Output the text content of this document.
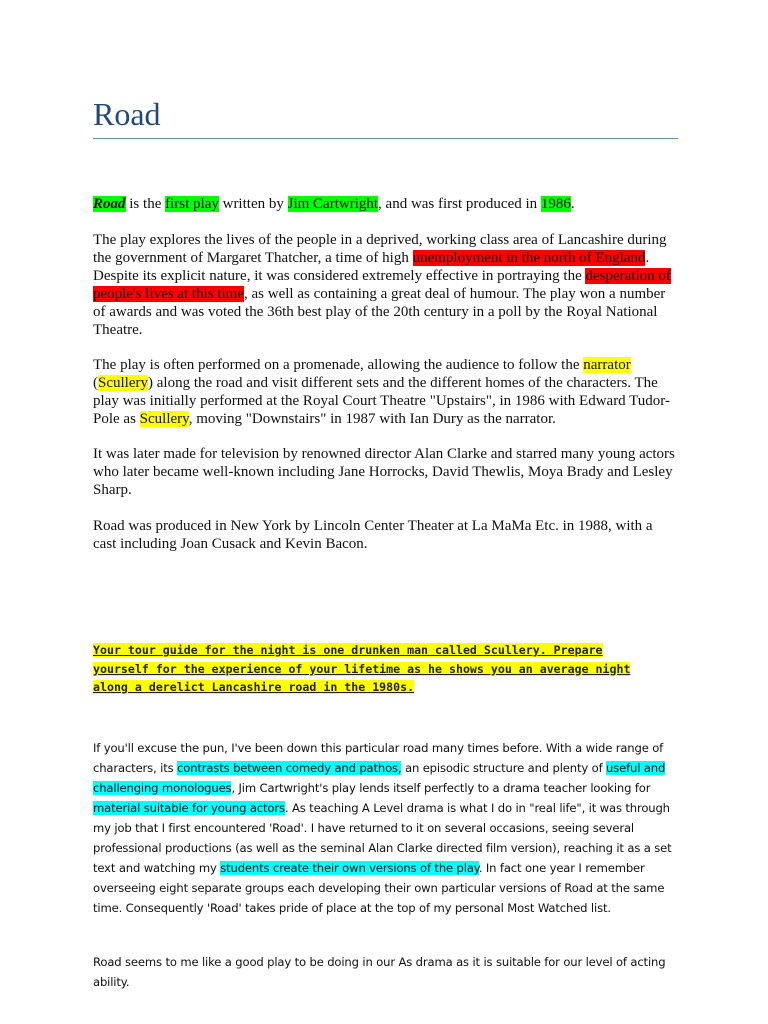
Road

Road is the first play written by Jim Cartwright, and was first produced in 1986.

The play explores the lives of the people in a deprived, working class area of Lancashire during the government of Margaret Thatcher, a time of high unemployment in the north of England. Despite its explicit nature, it was considered extremely effective in portraying the desperation of people's lives at this time, as well as containing a great deal of humour. The play won a number of awards and was voted the 36th best play of the 20th century in a poll by the Royal National Theatre.

The play is often performed on a promenade, allowing the audience to follow the narrator (Scullery) along the road and visit different sets and the different homes of the characters. The play was initially performed at the Royal Court Theatre "Upstairs", in 1986 with Edward Tudor-Pole as Scullery, moving "Downstairs" in 1987 with Ian Dury as the narrator.

It was later made for television by renowned director Alan Clarke and starred many young actors who later became well-known including Jane Horrocks, David Thewlis, Moya Brady and Lesley Sharp.

Road was produced in New York by Lincoln Center Theater at La MaMa Etc. in 1988, with a cast including Joan Cusack and Kevin Bacon.

Your tour guide for the night is one drunken man called Scullery. Prepare
yourself for the experience of your lifetime as he shows you an average night
along a derelict Lancashire road in the 1980s.

If you'll excuse the pun, I've been down this particular road many times before. With a wide range of characters, its contrasts between comedy and pathos, an episodic structure and plenty of useful and challenging monologues, Jim Cartwright's play lends itself perfectly to a drama teacher looking for material suitable for young actors. As teaching A Level drama is what I do in "real life", it was through my job that I first encountered 'Road'. I have returned to it on several occasions, seeing several professional productions (as well as the seminal Alan Clarke directed film version), reaching it as a set text and watching my students create their own versions of the play. In fact one year I remember overseeing eight separate groups each developing their own particular versions of Road at the same time. Consequently 'Road' takes pride of place at the top of my personal Most Watched list.

Road seems to me like a good play to be doing in our As drama as it is suitable for our level of acting ability.
